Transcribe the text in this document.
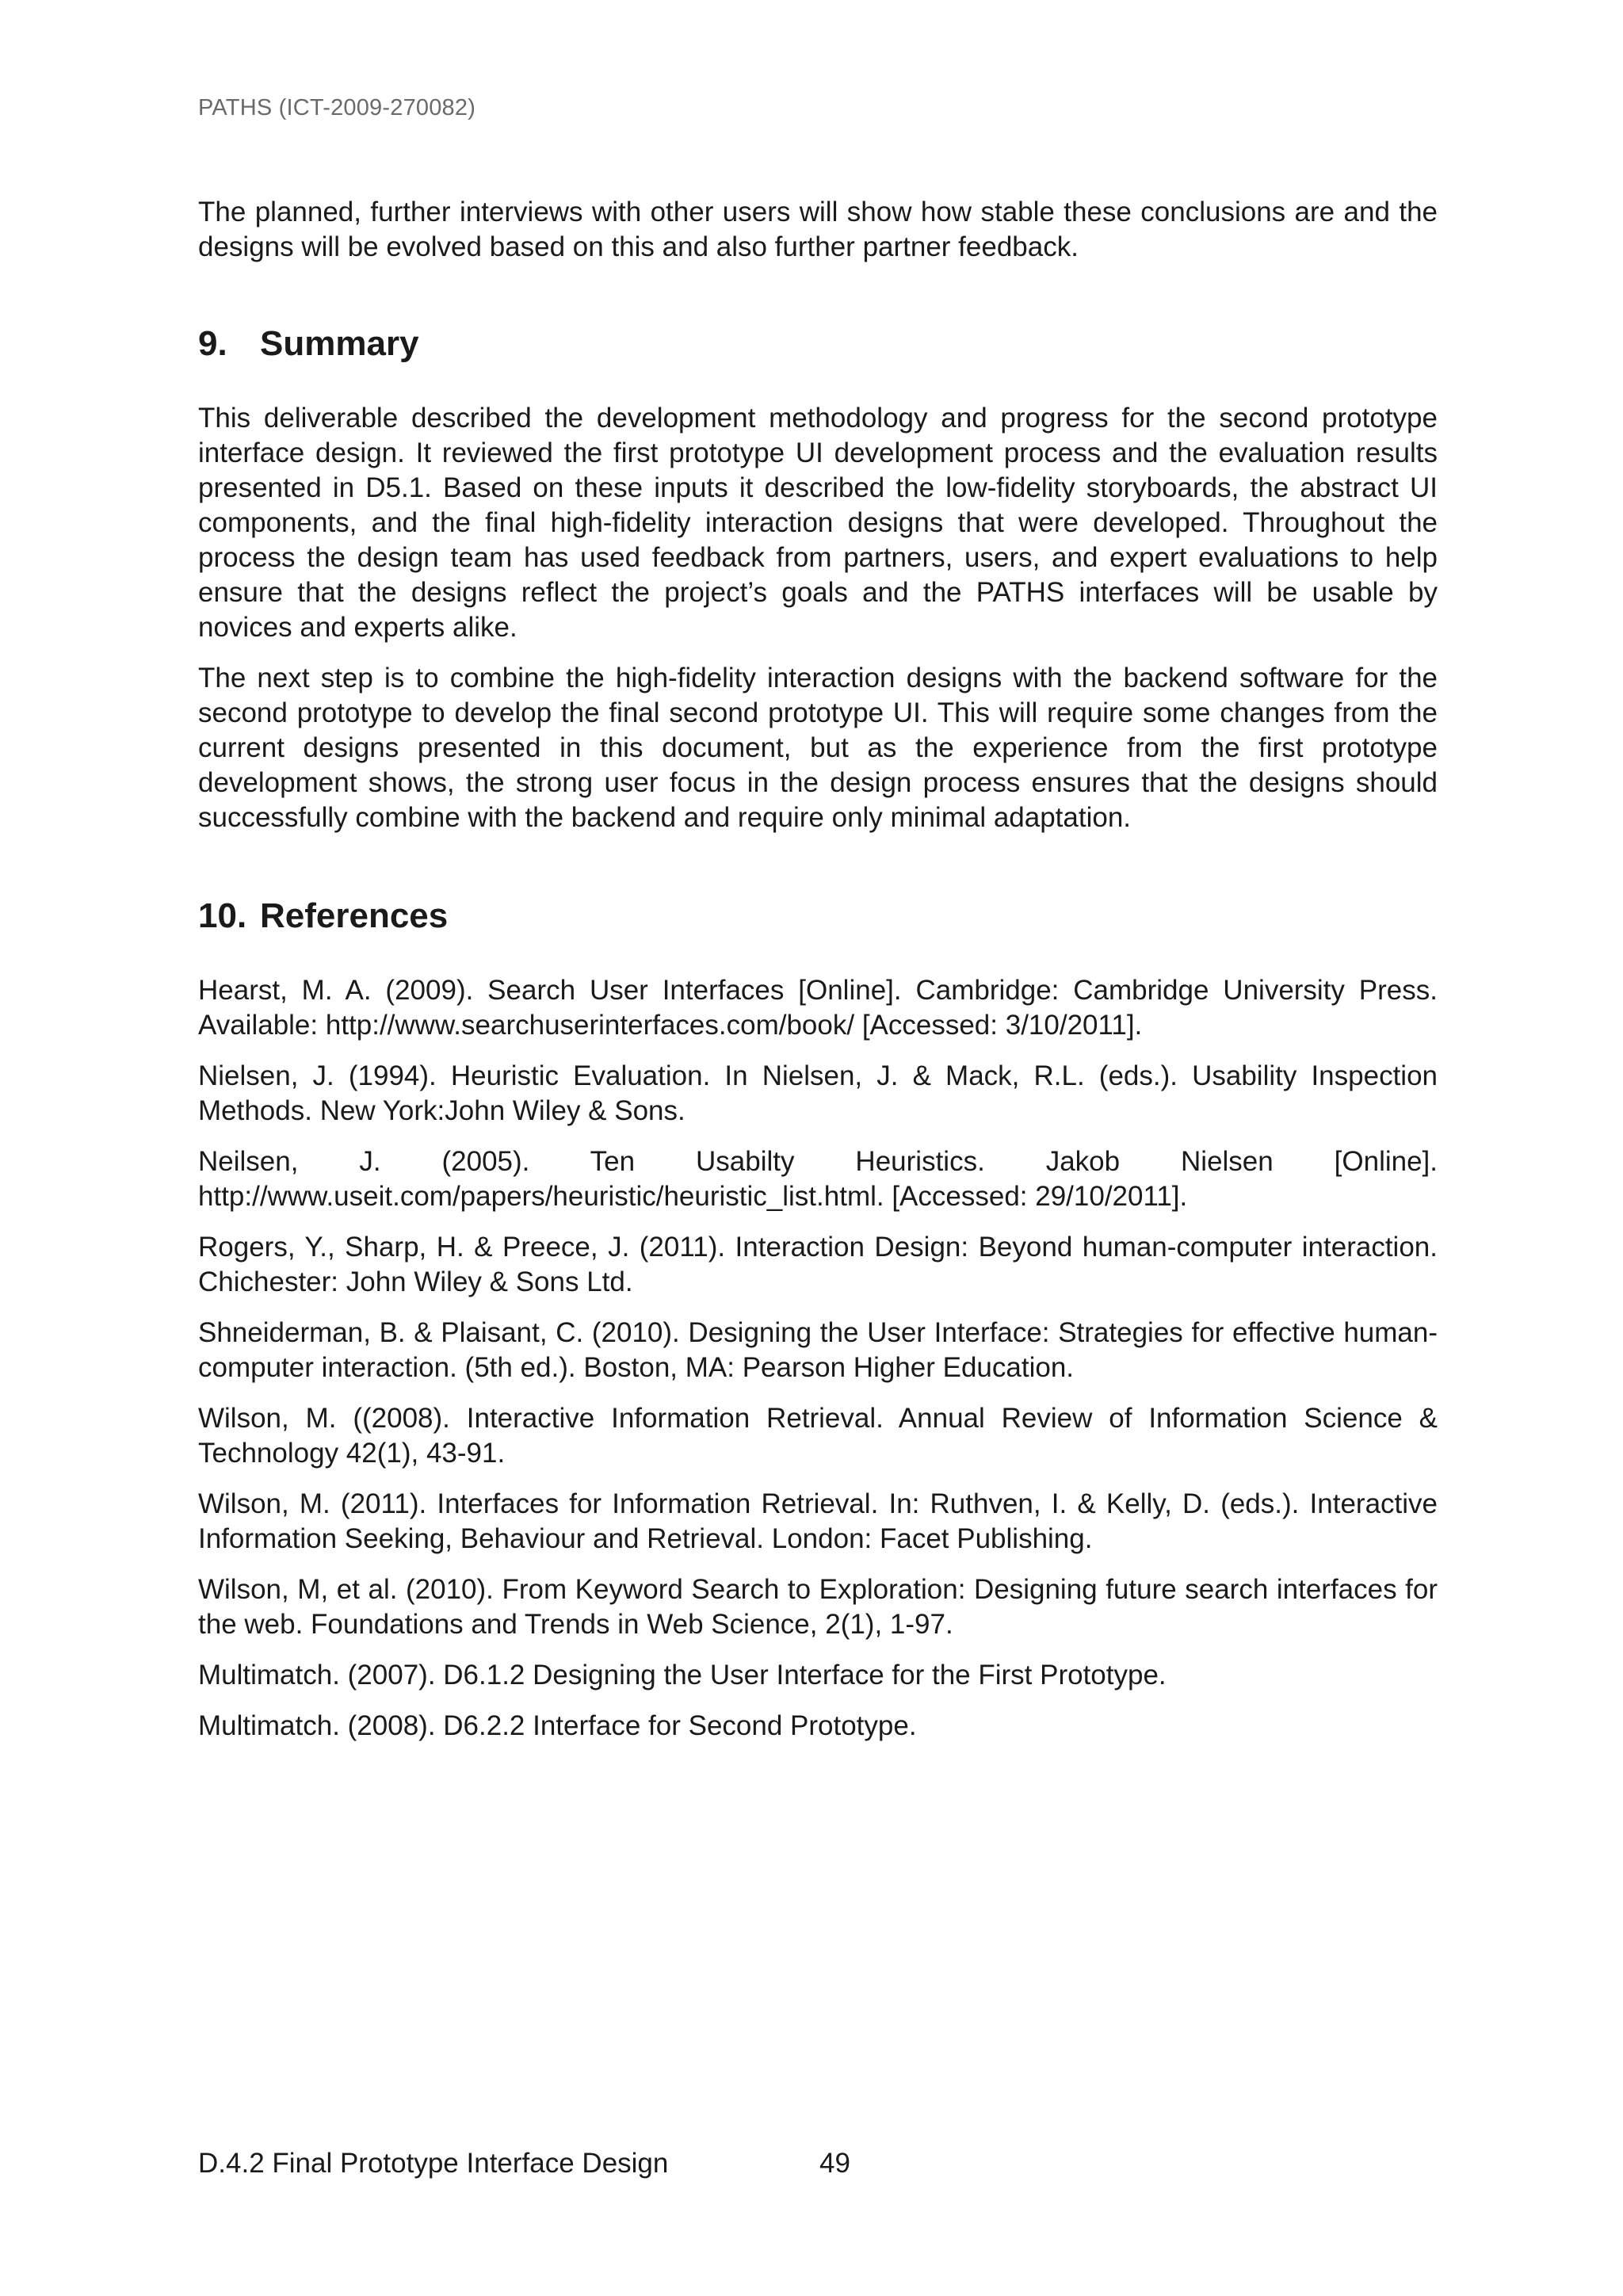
PATHS (ICT-2009-270082)

The planned, further interviews with other users will show how stable these conclusions are and the designs will be evolved based on this and also further partner feedback.

9. Summary

This deliverable described the development methodology and progress for the second prototype interface design. It reviewed the first prototype UI development process and the evaluation results presented in D5.1. Based on these inputs it described the low-fidelity storyboards, the abstract UI components, and the final high-fidelity interaction designs that were developed. Throughout the process the design team has used feedback from partners, users, and expert evaluations to help ensure that the designs reflect the project’s goals and the PATHS interfaces will be usable by novices and experts alike.

The next step is to combine the high-fidelity interaction designs with the backend software for the second prototype to develop the final second prototype UI. This will require some changes from the current designs presented in this document, but as the experience from the first prototype development shows, the strong user focus in the design process ensures that the designs should successfully combine with the backend and require only minimal adaptation.

10. References

Hearst, M. A. (2009). Search User Interfaces [Online]. Cambridge: Cambridge University Press. Available: http://www.searchuserinterfaces.com/book/ [Accessed: 3/10/2011].

Nielsen, J. (1994). Heuristic Evaluation. In Nielsen, J. & Mack, R.L. (eds.). Usability Inspection Methods. New York:John Wiley & Sons.

Neilsen, J. (2005). Ten Usabilty Heuristics. Jakob Nielsen [Online]. http://www.useit.com/papers/heuristic/heuristic_list.html. [Accessed: 29/10/2011].

Rogers, Y., Sharp, H. & Preece, J. (2011). Interaction Design: Beyond human-computer interaction. Chichester: John Wiley & Sons Ltd.

Shneiderman, B. & Plaisant, C. (2010). Designing the User Interface: Strategies for effective human-computer interaction. (5th ed.). Boston, MA: Pearson Higher Education.

Wilson, M. ((2008). Interactive Information Retrieval. Annual Review of Information Science & Technology 42(1), 43-91.

Wilson, M. (2011). Interfaces for Information Retrieval. In: Ruthven, I. & Kelly, D. (eds.). Interactive Information Seeking, Behaviour and Retrieval. London: Facet Publishing.

Wilson, M, et al. (2010). From Keyword Search to Exploration: Designing future search interfaces for the web. Foundations and Trends in Web Science, 2(1), 1-97.

Multimatch. (2007). D6.1.2 Designing the User Interface for the First Prototype.

Multimatch. (2008). D6.2.2 Interface for Second Prototype.

D.4.2 Final Prototype Interface Design	49
